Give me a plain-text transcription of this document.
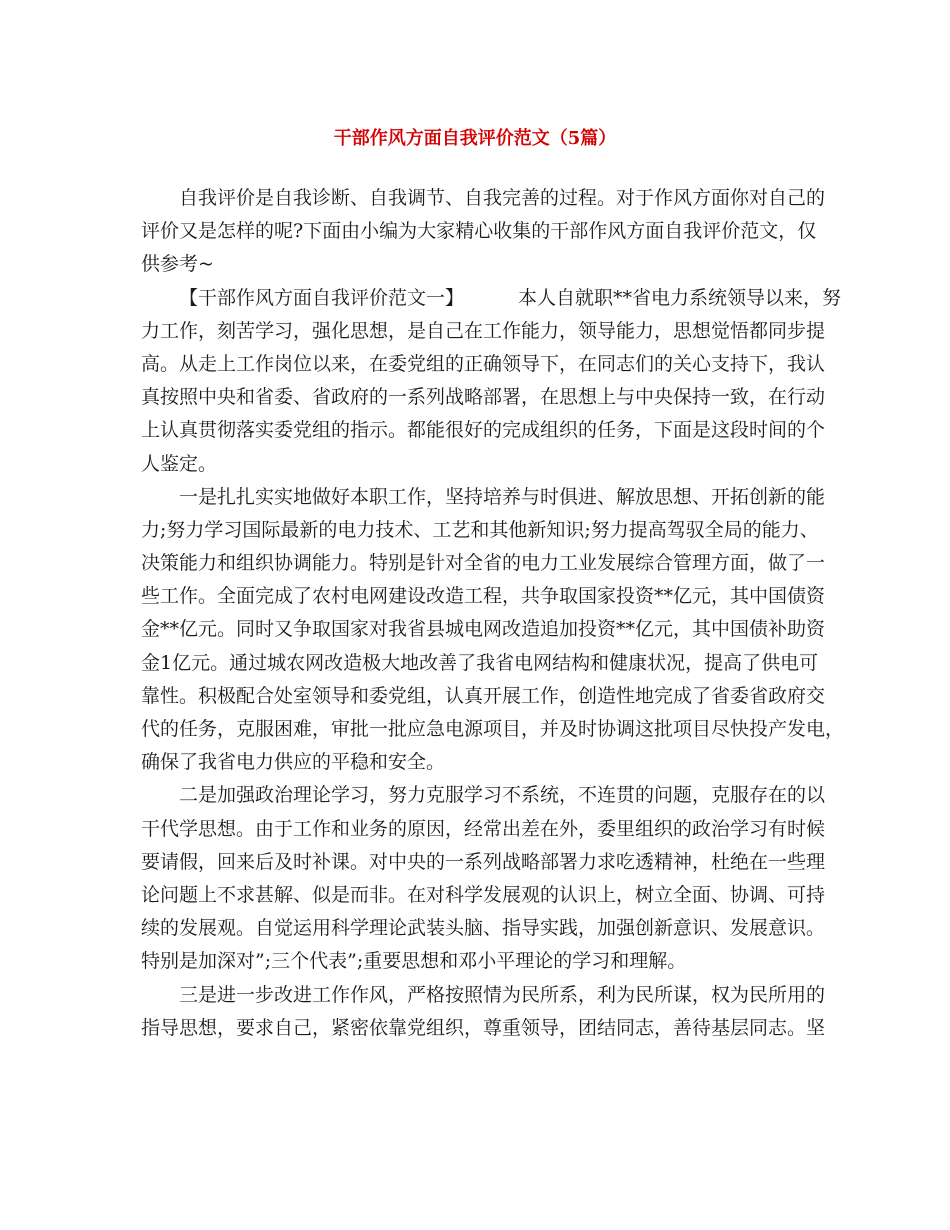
干部作风方面自我评价范文（5篇）
自我评价是自我诊断、自我调节、自我完善的过程。对于作风方面你对自己的
评价又是怎样的呢?下面由小编为大家精心收集的干部作风方面自我评价范文，仅
供参考~
【干部作风方面自我评价范文一】	本人自就职**省电力系统领导以来，努
力工作，刻苦学习，强化思想，是自己在工作能力，领导能力，思想觉悟都同步提
高。从走上工作岗位以来，在委党组的正确领导下，在同志们的关心支持下，我认
真按照中央和省委、省政府的一系列战略部署，在思想上与中央保持一致，在行动
上认真贯彻落实委党组的指示。都能很好的完成组织的任务，下面是这段时间的个
人鉴定。
一是扎扎实实地做好本职工作，坚持培养与时俱进、解放思想、开拓创新的能
力;努力学习国际最新的电力技术、工艺和其他新知识;努力提高驾驭全局的能力、
决策能力和组织协调能力。特别是针对全省的电力工业发展综合管理方面，做了一
些工作。全面完成了农村电网建设改造工程，共争取国家投资**亿元，其中国债资
金**亿元。同时又争取国家对我省县城电网改造追加投资**亿元，其中国债补助资
金1亿元。通过城农网改造极大地改善了我省电网结构和健康状况，提高了供电可
靠性。积极配合处室领导和委党组，认真开展工作，创造性地完成了省委省政府交
代的任务，克服困难，审批一批应急电源项目，并及时协调这批项目尽快投产发电，
确保了我省电力供应的平稳和安全。
二是加强政治理论学习，努力克服学习不系统，不连贯的问题，克服存在的以
干代学思想。由于工作和业务的原因，经常出差在外，委里组织的政治学习有时候
要请假，回来后及时补课。对中央的一系列战略部署力求吃透精神，杜绝在一些理
论问题上不求甚解、似是而非。在对科学发展观的认识上，树立全面、协调、可持
续的发展观。自觉运用科学理论武装头脑、指导实践，加强创新意识、发展意识。
特别是加深对”;三个代表”;重要思想和邓小平理论的学习和理解。
三是进一步改进工作作风，严格按照情为民所系，利为民所谋，权为民所用的
指导思想，要求自己，紧密依靠党组织，尊重领导，团结同志，善待基层同志。坚
